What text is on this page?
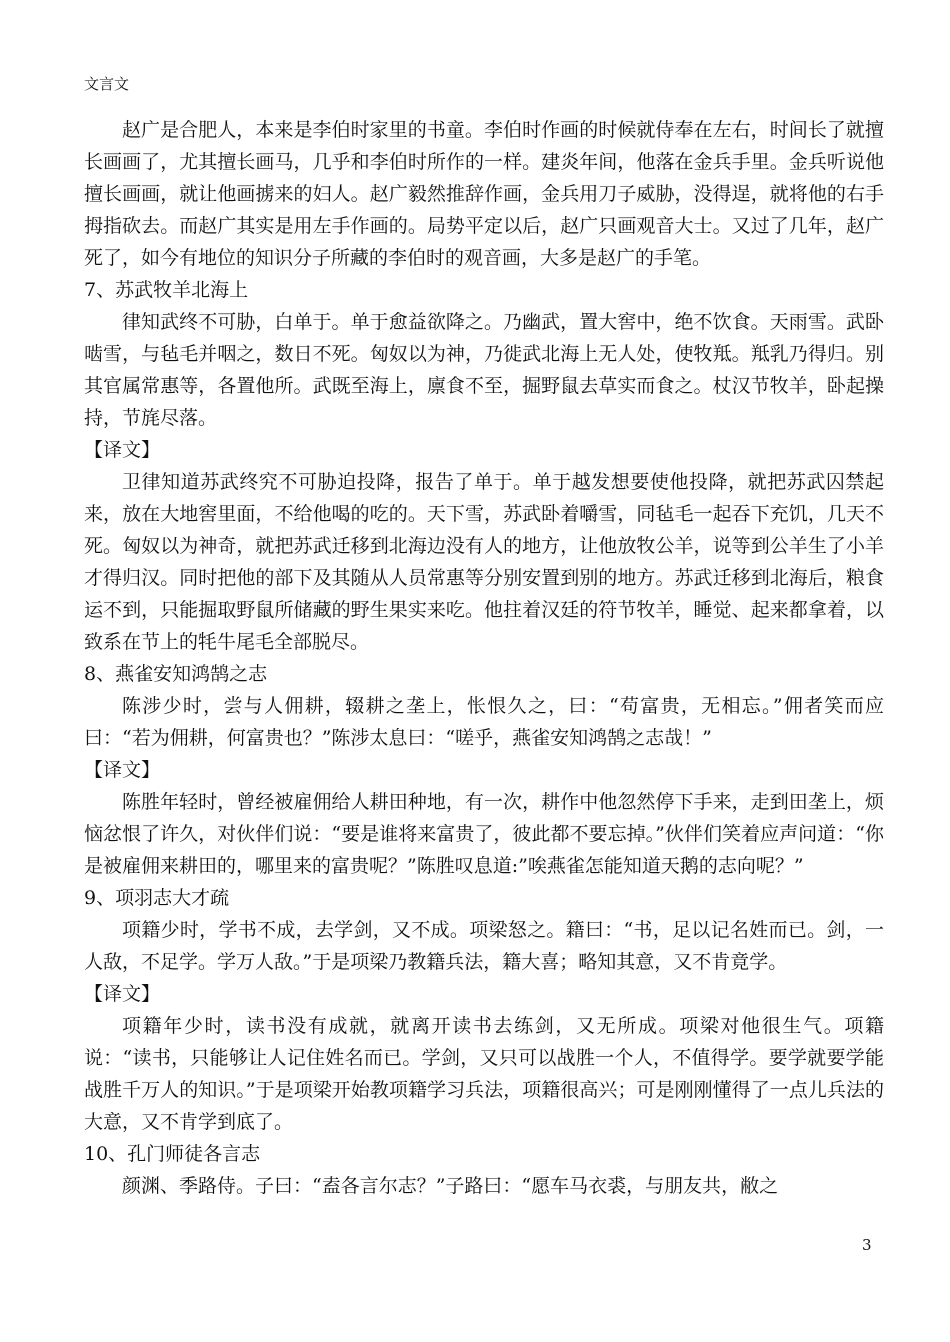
文言文

赵广是合肥人，本来是李伯时家里的书童。李伯时作画的时候就侍奉在左右，时间长了就擅长画画了，尤其擅长画马，几乎和李伯时所作的一样。建炎年间，他落在金兵手里。金兵听说他擅长画画，就让他画掳来的妇人。赵广毅然推辞作画，金兵用刀子威胁，没得逞，就将他的右手拇指砍去。而赵广其实是用左手作画的。局势平定以后，赵广只画观音大士。又过了几年，赵广死了，如今有地位的知识分子所藏的李伯时的观音画，大多是赵广的手笔。

7、苏武牧羊北海上

律知武终不可胁，白单于。单于愈益欲降之。乃幽武，置大窖中，绝不饮食。天雨雪。武卧啮雪，与毡毛并咽之，数日不死。匈奴以为神，乃徙武北海上无人处，使牧羝。羝乳乃得归。别其官属常惠等，各置他所。武既至海上，廪食不至，掘野鼠去草实而食之。杖汉节牧羊，卧起操持，节旄尽落。

【译文】

卫律知道苏武终究不可胁迫投降，报告了单于。单于越发想要使他投降，就把苏武囚禁起来，放在大地窖里面，不给他喝的吃的。天下雪，苏武卧着嚼雪，同毡毛一起吞下充饥，几天不死。匈奴以为神奇，就把苏武迁移到北海边没有人的地方，让他放牧公羊，说等到公羊生了小羊才得归汉。同时把他的部下及其随从人员常惠等分别安置到别的地方。苏武迁移到北海后，粮食运不到，只能掘取野鼠所储藏的野生果实来吃。他拄着汉廷的符节牧羊，睡觉、起来都拿着，以致系在节上的牦牛尾毛全部脱尽。

8、燕雀安知鸿鹄之志

陈涉少时，尝与人佣耕，辍耕之垄上，怅恨久之，曰：“苟富贵，无相忘。”佣者笑而应曰：“若为佣耕，何富贵也？”陈涉太息曰：“嗟乎，燕雀安知鸿鹄之志哉！”

【译文】

陈胜年轻时，曾经被雇佣给人耕田种地，有一次，耕作中他忽然停下手来，走到田垄上，烦恼忿恨了许久，对伙伴们说：“要是谁将来富贵了，彼此都不要忘掉。”伙伴们笑着应声问道：“你是被雇佣来耕田的，哪里来的富贵呢？”陈胜叹息道:”唉燕雀怎能知道天鹅的志向呢？”

9、项羽志大才疏

项籍少时，学书不成，去学剑，又不成。项梁怒之。籍曰：“书，足以记名姓而已。剑，一人敌，不足学。学万人敌。”于是项梁乃教籍兵法，籍大喜；略知其意，又不肯竟学。

【译文】

项籍年少时，读书没有成就，就离开读书去练剑，又无所成。项梁对他很生气。项籍说：“读书，只能够让人记住姓名而已。学剑，又只可以战胜一个人，不值得学。要学就要学能战胜千万人的知识。”于是项梁开始教项籍学习兵法，项籍很高兴；可是刚刚懂得了一点儿兵法的大意，又不肯学到底了。

10、孔门师徒各言志

颜渊、季路侍。子曰：“盍各言尔志？”子路曰：“愿车马衣裘，与朋友共，敝之

3
